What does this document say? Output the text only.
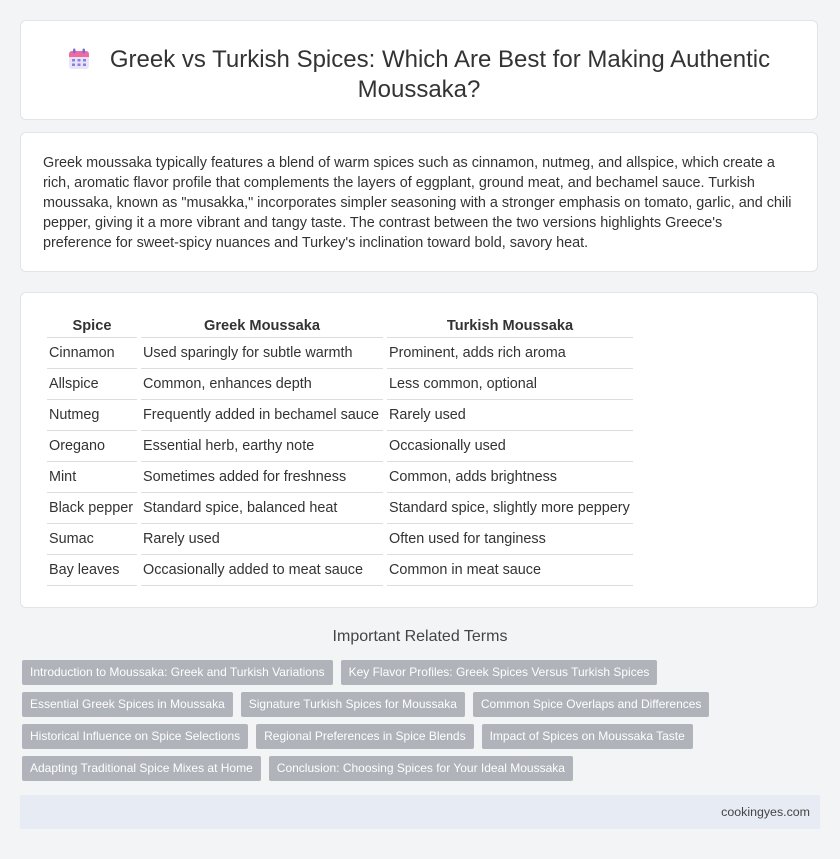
Greek vs Turkish Spices: Which Are Best for Making Authentic Moussaka?

Greek moussaka typically features a blend of warm spices such as cinnamon, nutmeg, and allspice, which create a rich, aromatic flavor profile that complements the layers of eggplant, ground meat, and bechamel sauce. Turkish moussaka, known as "musakka," incorporates simpler seasoning with a stronger emphasis on tomato, garlic, and chili pepper, giving it a more vibrant and tangy taste. The contrast between the two versions highlights Greece's preference for sweet-spicy nuances and Turkey's inclination toward bold, savory heat.

Spice	Greek Moussaka	Turkish Moussaka
Cinnamon	Used sparingly for subtle warmth	Prominent, adds rich aroma
Allspice	Common, enhances depth	Less common, optional
Nutmeg	Frequently added in bechamel sauce	Rarely used
Oregano	Essential herb, earthy note	Occasionally used
Mint	Sometimes added for freshness	Common, adds brightness
Black pepper	Standard spice, balanced heat	Standard spice, slightly more peppery
Sumac	Rarely used	Often used for tanginess
Bay leaves	Occasionally added to meat sauce	Common in meat sauce
Important Related Terms
Introduction to Moussaka: Greek and Turkish Variations	Key Flavor Profiles: Greek Spices Versus Turkish Spices
Essential Greek Spices in Moussaka	Signature Turkish Spices for Moussaka	Common Spice Overlaps and Differences
Historical Influence on Spice Selections	Regional Preferences in Spice Blends	Impact of Spices on Moussaka Taste
Adapting Traditional Spice Mixes at Home	Conclusion: Choosing Spices for Your Ideal Moussaka
cookingyes.com
